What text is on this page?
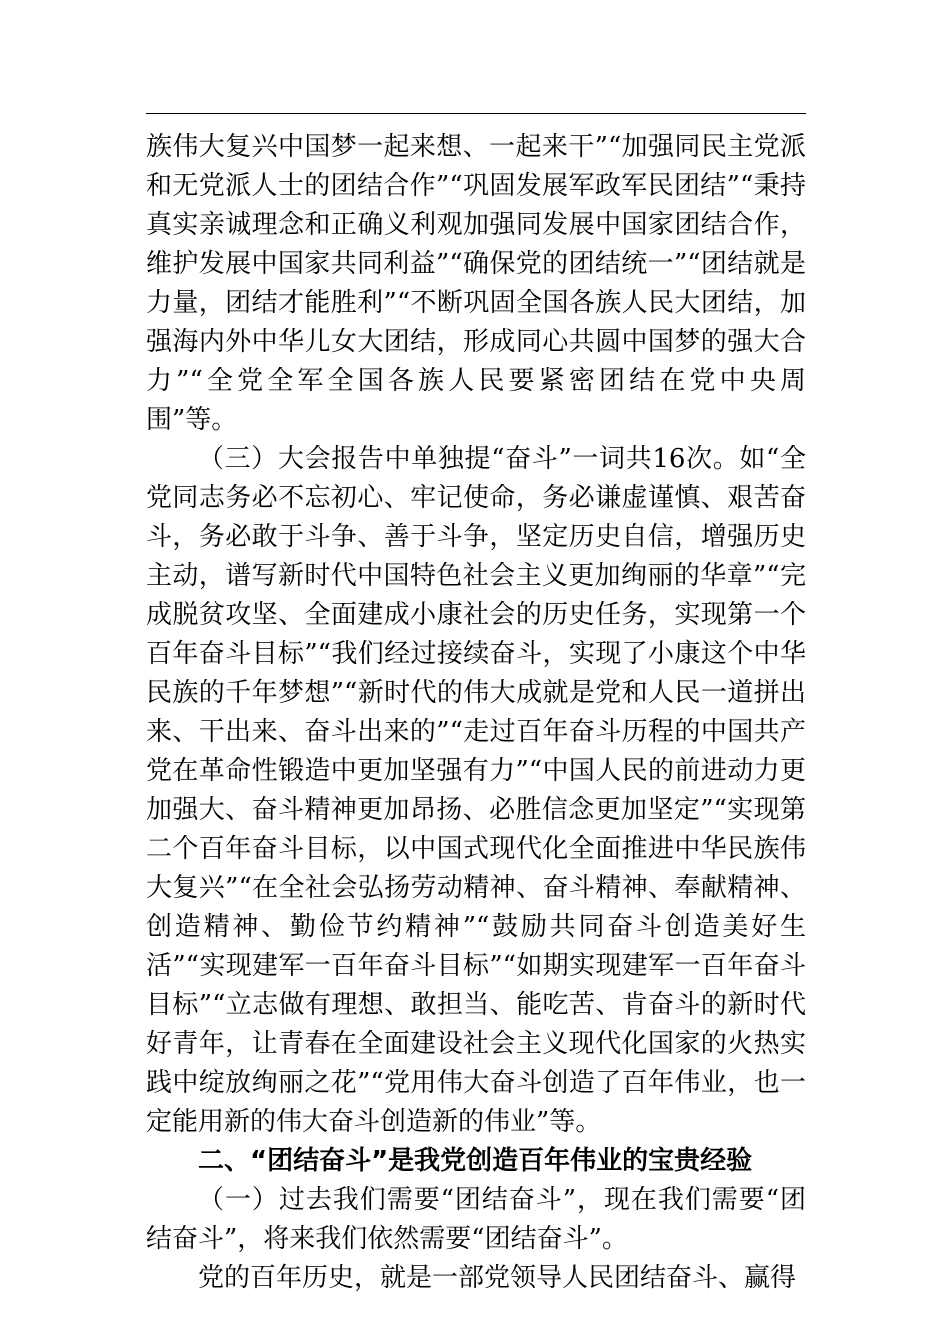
族伟大复兴中国梦一起来想、一起来干”“加强同民主党派和无党派人士的团结合作”“巩固发展军政军民团结”“秉持真实亲诚理念和正确义利观加强同发展中国家团结合作，维护发展中国家共同利益”“确保党的团结统一”“团结就是力量，团结才能胜利”“不断巩固全国各族人民大团结，加强海内外中华儿女大团结，形成同心共圆中国梦的强大合力”“全党全军全国各族人民要紧密团结在党中央周围”等。

（三）大会报告中单独提“奋斗”一词共16次。如“全党同志务必不忘初心、牢记使命，务必谦虚谨慎、艰苦奋斗，务必敢于斗争、善于斗争，坚定历史自信，增强历史主动，谱写新时代中国特色社会主义更加绚丽的华章”“完成脱贫攻坚、全面建成小康社会的历史任务，实现第一个百年奋斗目标”“我们经过接续奋斗，实现了小康这个中华民族的千年梦想”“新时代的伟大成就是党和人民一道拼出来、干出来、奋斗出来的”“走过百年奋斗历程的中国共产党在革命性锻造中更加坚强有力”“中国人民的前进动力更加强大、奋斗精神更加昂扬、必胜信念更加坚定”“实现第二个百年奋斗目标，以中国式现代化全面推进中华民族伟大复兴”“在全社会弘扬劳动精神、奋斗精神、奉献精神、创造精神、勤俭节约精神”“鼓励共同奋斗创造美好生活”“实现建军一百年奋斗目标”“如期实现建军一百年奋斗目标”“立志做有理想、敢担当、能吃苦、肯奋斗的新时代好青年，让青春在全面建设社会主义现代化国家的火热实践中绽放绚丽之花”“党用伟大奋斗创造了百年伟业，也一定能用新的伟大奋斗创造新的伟业”等。

二、“团结奋斗”是我党创造百年伟业的宝贵经验

（一）过去我们需要“团结奋斗”，现在我们需要“团结奋斗”，将来我们依然需要“团结奋斗”。

党的百年历史，就是一部党领导人民团结奋斗、赢得
